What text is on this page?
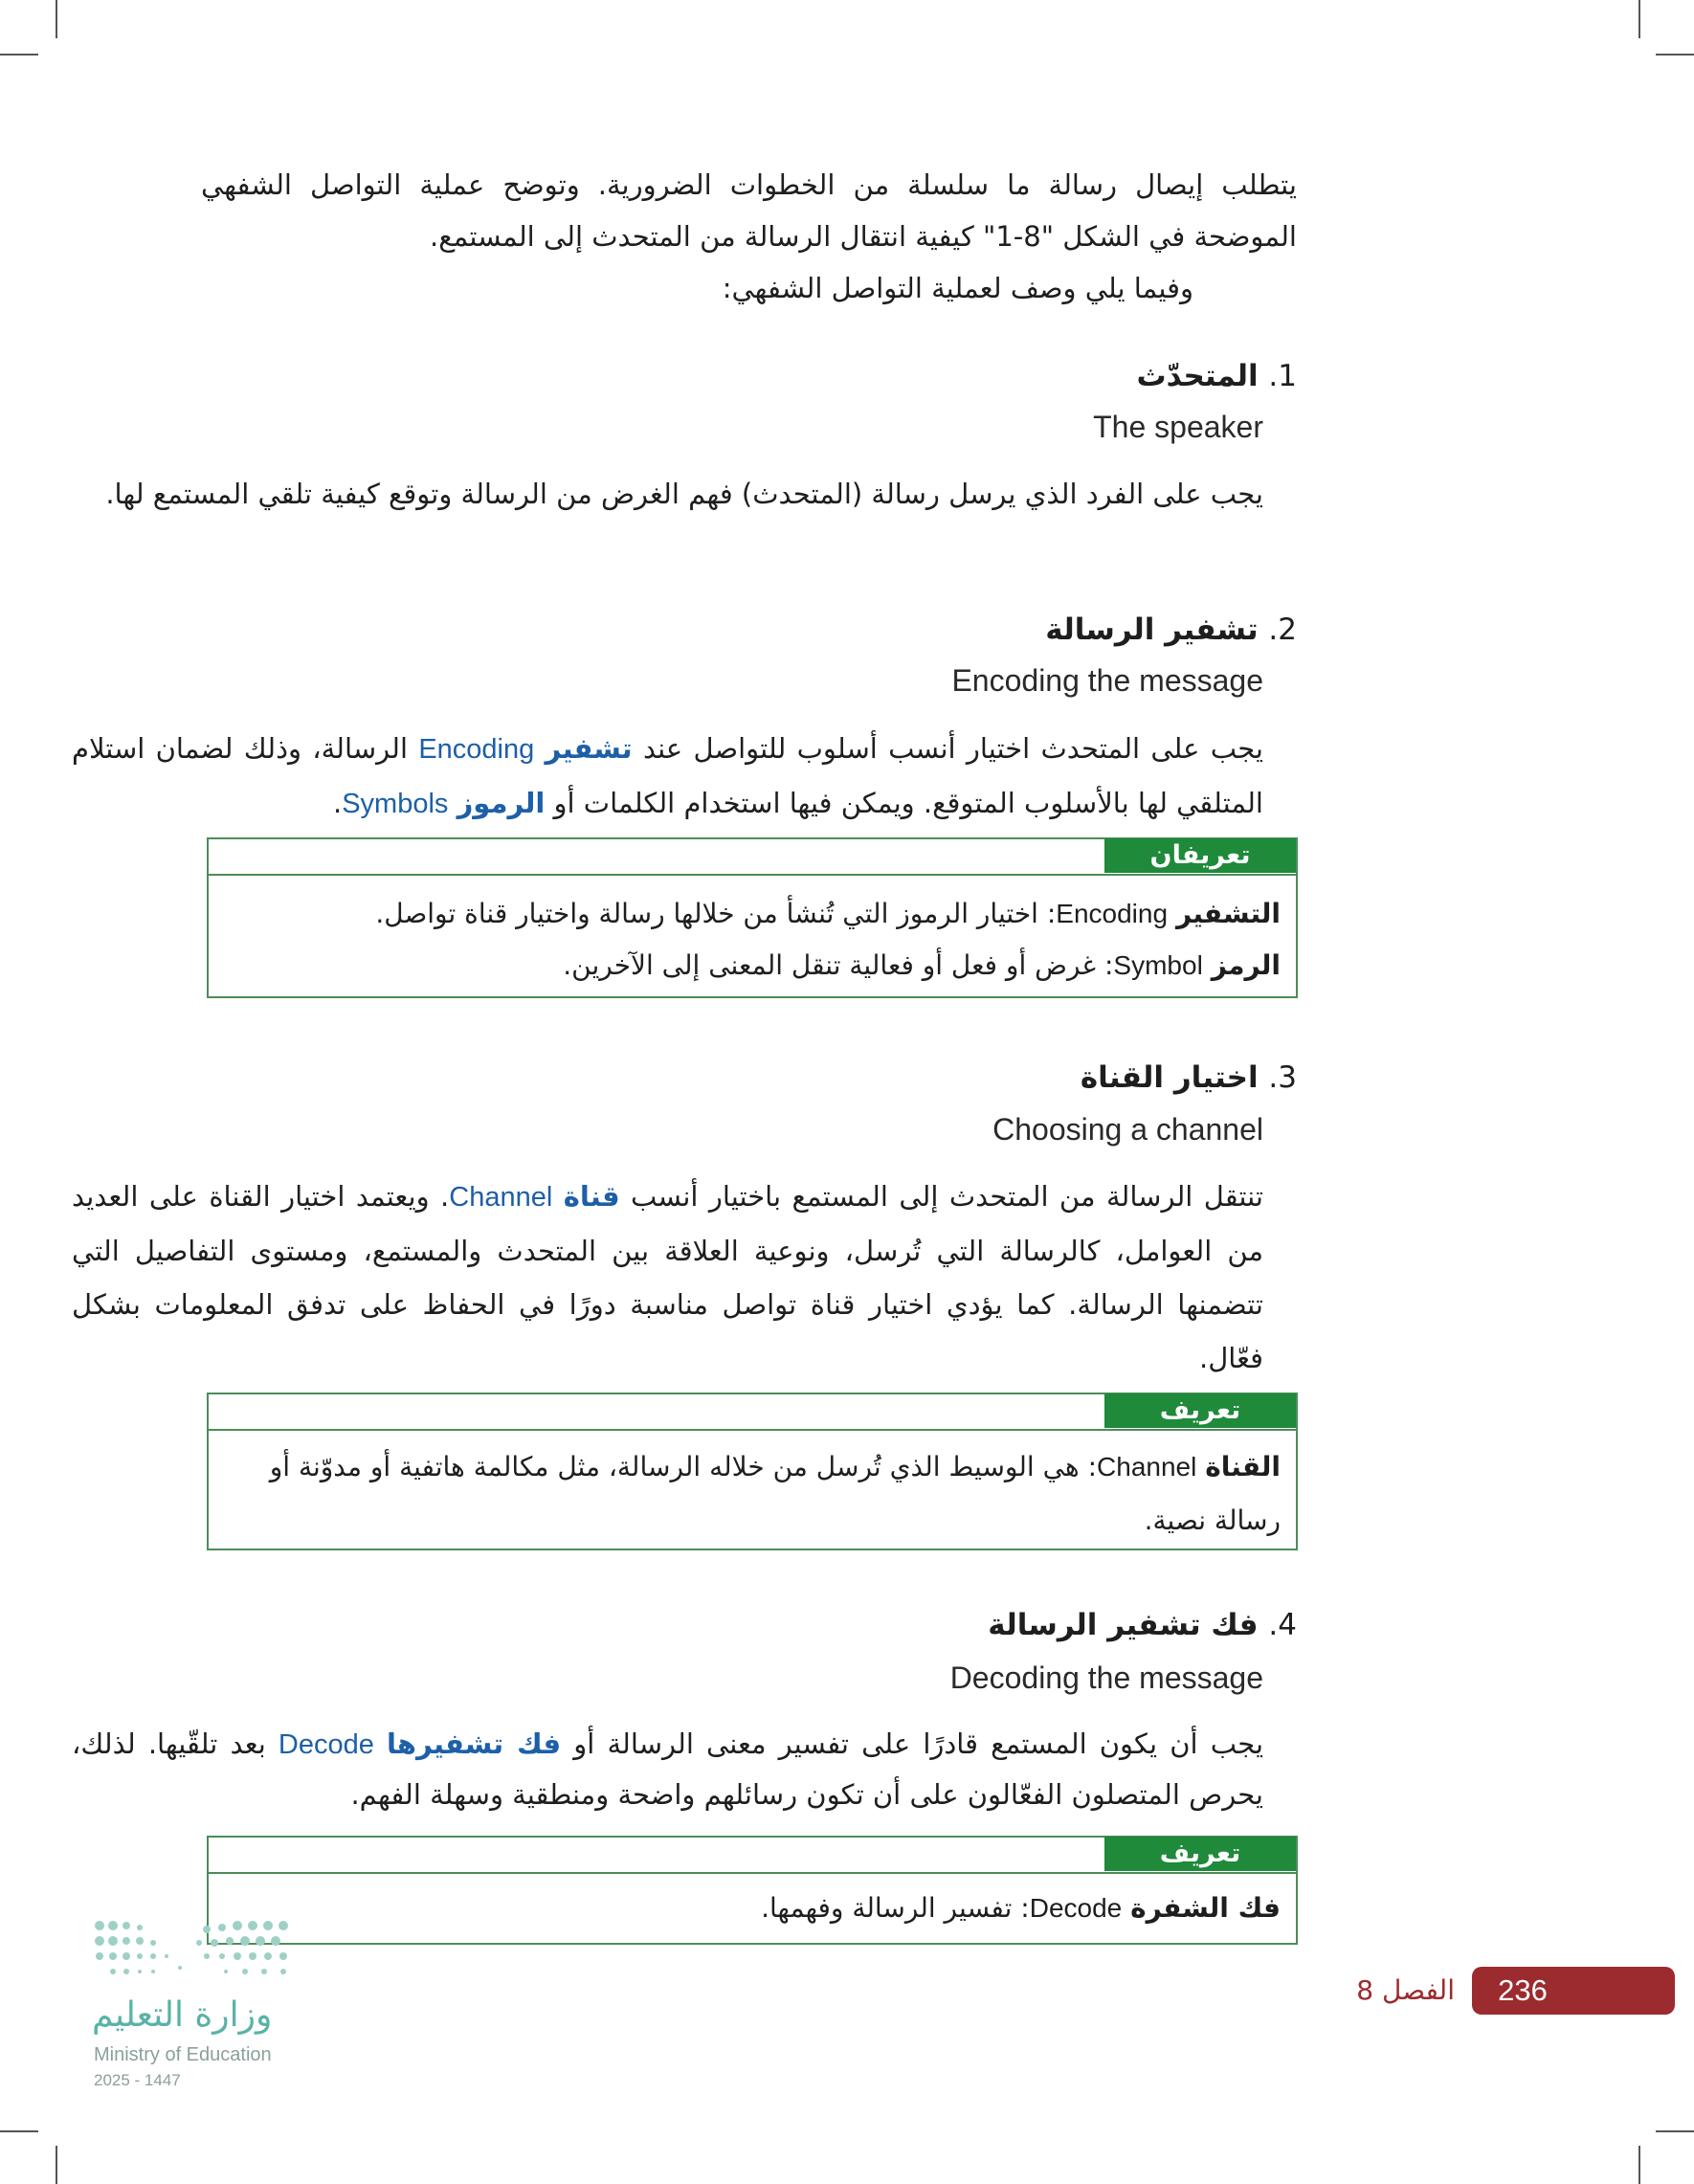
يتطلب إيصال رسالة ما سلسلة من الخطوات الضرورية. وتوضح عملية التواصل الشفهي الموضحة في الشكل "8-1" كيفية انتقال الرسالة من المتحدث إلى المستمع.

وفيما يلي وصف لعملية التواصل الشفهي:

1. المتحدّث
The speaker
يجب على الفرد الذي يرسل رسالة (المتحدث) فهم الغرض من الرسالة وتوقع كيفية تلقي المستمع لها.
2. تشفير الرسالة
Encoding the message
يجب على المتحدث اختيار أنسب أسلوب للتواصل عند تشفير Encoding الرسالة، وذلك لضمان استلام المتلقي لها بالأسلوب المتوقع. ويمكن فيها استخدام الكلمات أو الرموز Symbols.
تعريفان
التشفير Encoding: اختيار الرموز التي تُنشأ من خلالها رسالة واختيار قناة تواصل.
الرمز Symbol: غرض أو فعل أو فعالية تنقل المعنى إلى الآخرين.
3. اختيار القناة
Choosing a channel
تنتقل الرسالة من المتحدث إلى المستمع باختيار أنسب قناة Channel. ويعتمد اختيار القناة على العديد من العوامل، كالرسالة التي تُرسل، ونوعية العلاقة بين المتحدث والمستمع، ومستوى التفاصيل التي تتضمنها الرسالة. كما يؤدي اختيار قناة تواصل مناسبة دورًا في الحفاظ على تدفق المعلومات بشكل فعّال.
تعريف
القناة Channel: هي الوسيط الذي تُرسل من خلاله الرسالة، مثل مكالمة هاتفية أو مدوّنة أو رسالة نصية.
4. فك تشفير الرسالة
Decoding the message
يجب أن يكون المستمع قادرًا على تفسير معنى الرسالة أو فك تشفيرها Decode بعد تلقّيها. لذلك، يحرص المتصلون الفعّالون على أن تكون رسائلهم واضحة ومنطقية وسهلة الفهم.
تعريف
فك الشفرة Decode: تفسير الرسالة وفهمها.
وزارة التعليم
Ministry of Education
2025 - 1447
236
الفصل 8
